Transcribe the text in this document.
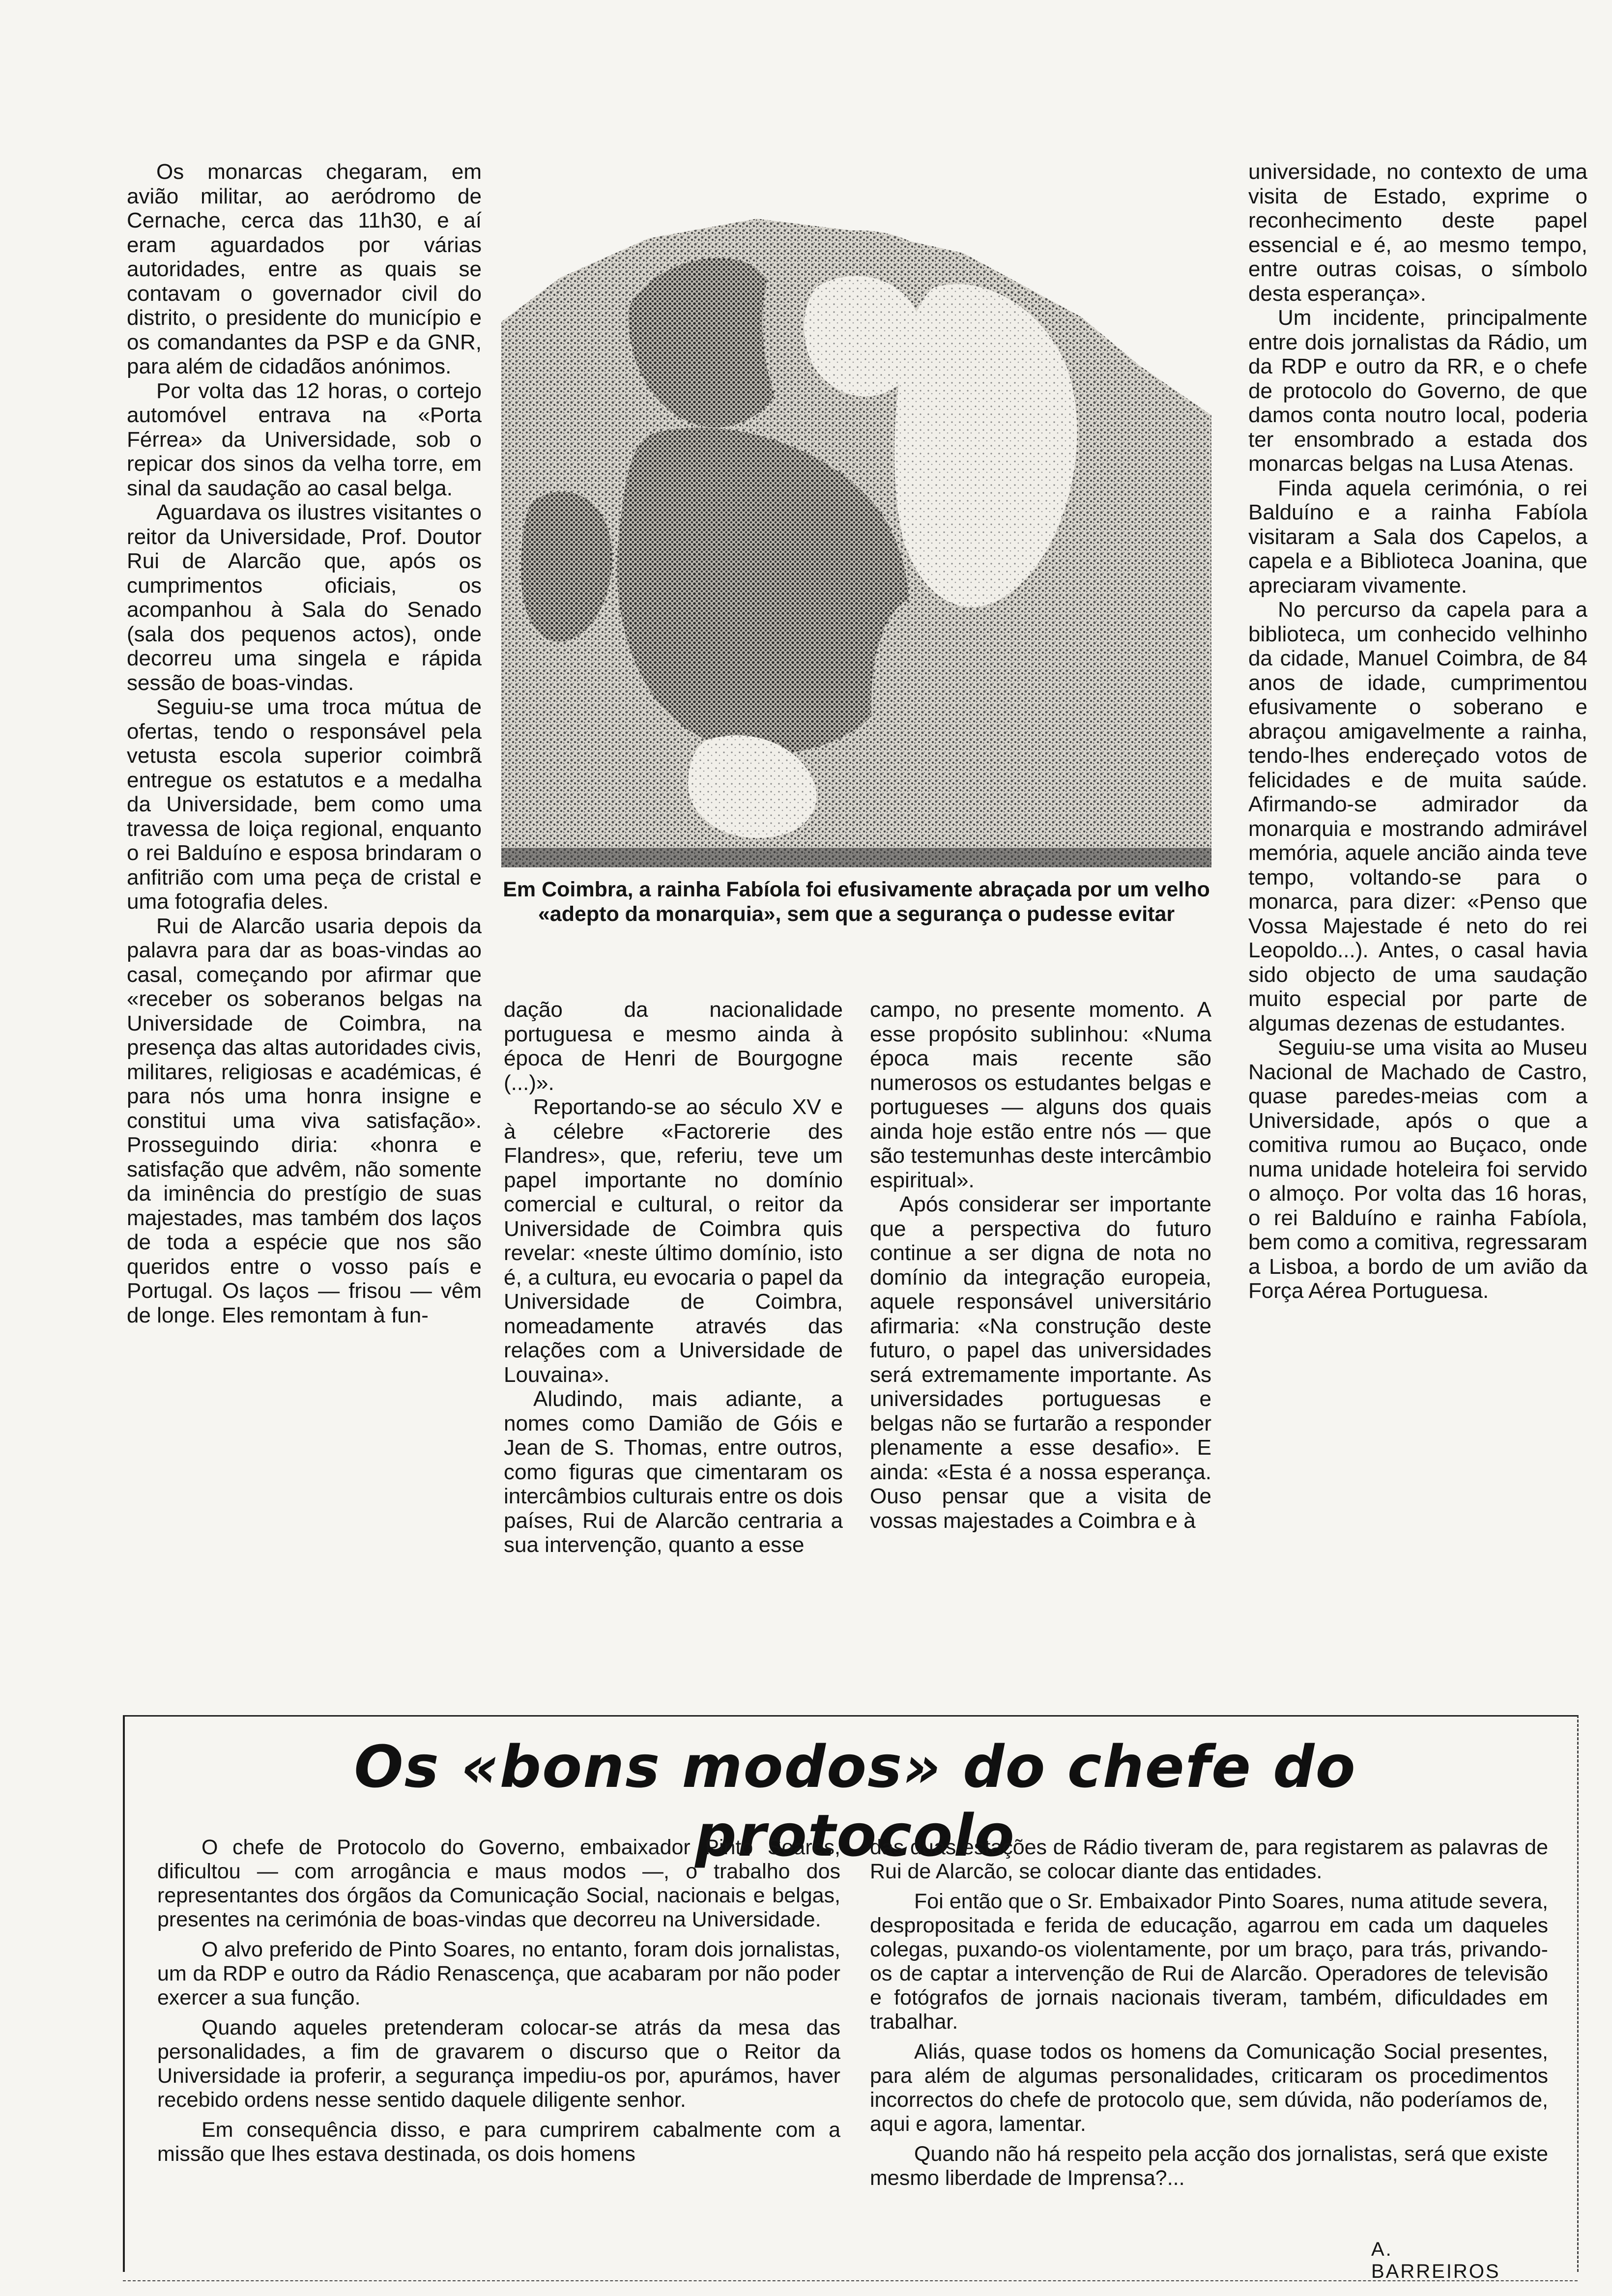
Os monarcas chegaram, em avião militar, ao aeródromo de Cernache, cerca das 11h30, e aí eram aguardados por várias autoridades, entre as quais se contavam o governador civil do distrito, o presidente do município e os comandantes da PSP e da GNR, para além de cidadãos anónimos.

Por volta das 12 horas, o cortejo automóvel entrava na «Porta Férrea» da Universidade, sob o repicar dos sinos da velha torre, em sinal da saudação ao casal belga.

Aguardava os ilustres visitantes o reitor da Universidade, Prof. Doutor Rui de Alarcão que, após os cumprimentos oficiais, os acompanhou à Sala do Senado (sala dos pequenos actos), onde decorreu uma singela e rápida sessão de boas-vindas.

Seguiu-se uma troca mútua de ofertas, tendo o responsável pela vetusta escola superior coimbrã entregue os estatutos e a medalha da Universidade, bem como uma travessa de loiça regional, enquanto o rei Balduíno e esposa brindaram o anfitrião com uma peça de cristal e uma fotografia deles.

Rui de Alarcão usaria depois da palavra para dar as boas-vindas ao casal, começando por afirmar que «receber os soberanos belgas na Universidade de Coimbra, na presença das altas autoridades civis, militares, religiosas e académicas, é para nós uma honra insigne e constitui uma viva satisfação». Prosseguindo diria: «honra e satisfação que advêm, não somente da iminência do prestígio de suas majestades, mas também dos laços de toda a espécie que nos são queridos entre o vosso país e Portugal. Os laços — frisou — vêm de longe. Eles remontam à fun-

Em Coimbra, a rainha Fabíola foi efusivamente abraçada por um velho «adepto da monarquia», sem que a segurança o pudesse evitar

dação da nacionalidade portuguesa e mesmo ainda à época de Henri de Bourgogne (...)».

Reportando-se ao século XV e à célebre «Factorerie des Flandres», que, referiu, teve um papel importante no domínio comercial e cultural, o reitor da Universidade de Coimbra quis revelar: «neste último domínio, isto é, a cultura, eu evocaria o papel da Universidade de Coimbra, nomeadamente através das relações com a Universidade de Louvaina».

Aludindo, mais adiante, a nomes como Damião de Góis e Jean de S. Thomas, entre outros, como figuras que cimentaram os intercâmbios culturais entre os dois países, Rui de Alarcão centraria a sua intervenção, quanto a esse

campo, no presente momento. A esse propósito sublinhou: «Numa época mais recente são numerosos os estudantes belgas e portugueses — alguns dos quais ainda hoje estão entre nós — que são testemunhas deste intercâmbio espiritual».

Após considerar ser importante que a perspectiva do futuro continue a ser digna de nota no domínio da integração europeia, aquele responsável universitário afirmaria: «Na construção deste futuro, o papel das universidades será extremamente importante. As universidades portuguesas e belgas não se furtarão a responder plenamente a esse desafio». E ainda: «Esta é a nossa esperança. Ouso pensar que a visita de vossas majestades a Coimbra e à

universidade, no contexto de uma visita de Estado, exprime o reconhecimento deste papel essencial e é, ao mesmo tempo, entre outras coisas, o símbolo desta esperança».

Um incidente, principalmente entre dois jornalistas da Rádio, um da RDP e outro da RR, e o chefe de protocolo do Governo, de que damos conta noutro local, poderia ter ensombrado a estada dos monarcas belgas na Lusa Atenas.

Finda aquela cerimónia, o rei Balduíno e a rainha Fabíola visitaram a Sala dos Capelos, a capela e a Biblioteca Joanina, que apreciaram vivamente.

No percurso da capela para a biblioteca, um conhecido velhinho da cidade, Manuel Coimbra, de 84 anos de idade, cumprimentou efusivamente o soberano e abraçou amigavelmente a rainha, tendo-lhes endereçado votos de felicidades e de muita saúde. Afirmando-se admirador da monarquia e mostrando admirável memória, aquele ancião ainda teve tempo, voltando-se para o monarca, para dizer: «Penso que Vossa Majestade é neto do rei Leopoldo...). Antes, o casal havia sido objecto de uma saudação muito especial por parte de algumas dezenas de estudantes.

Seguiu-se uma visita ao Museu Nacional de Machado de Castro, quase paredes-meias com a Universidade, após o que a comitiva rumou ao Buçaco, onde numa unidade hoteleira foi servido o almoço. Por volta das 16 horas, o rei Balduíno e rainha Fabíola, bem como a comitiva, regressaram a Lisboa, a bordo de um avião da Força Aérea Portuguesa.

Os «bons modos» do chefe do protocolo

O chefe de Protocolo do Governo, embaixador Pinto Soares, dificultou — com arrogância e maus modos —, o trabalho dos representantes dos órgãos da Comunicação Social, nacionais e belgas, presentes na cerimónia de boas-vindas que decorreu na Universidade.

O alvo preferido de Pinto Soares, no entanto, foram dois jornalistas, um da RDP e outro da Rádio Renascença, que acabaram por não poder exercer a sua função.

Quando aqueles pretenderam colocar-se atrás da mesa das personalidades, a fim de gravarem o discurso que o Reitor da Universidade ia proferir, a segurança impediu-os por, apurámos, haver recebido ordens nesse sentido daquele diligente senhor.

Em consequência disso, e para cumprirem cabalmente com a missão que lhes estava destinada, os dois homens

das duas estações de Rádio tiveram de, para registarem as palavras de Rui de Alarcão, se colocar diante das entidades.

Foi então que o Sr. Embaixador Pinto Soares, numa atitude severa, despropositada e ferida de educação, agarrou em cada um daqueles colegas, puxando-os violentamente, por um braço, para trás, privando-os de captar a intervenção de Rui de Alarcão. Operadores de televisão e fotógrafos de jornais nacionais tiveram, também, dificuldades em trabalhar.

Aliás, quase todos os homens da Comunicação Social presentes, para além de algumas personalidades, criticaram os procedimentos incorrectos do chefe de protocolo que, sem dúvida, não poderíamos de, aqui e agora, lamentar.

Quando não há respeito pela acção dos jornalistas, será que existe mesmo liberdade de Imprensa?...

A. BARREIROS
